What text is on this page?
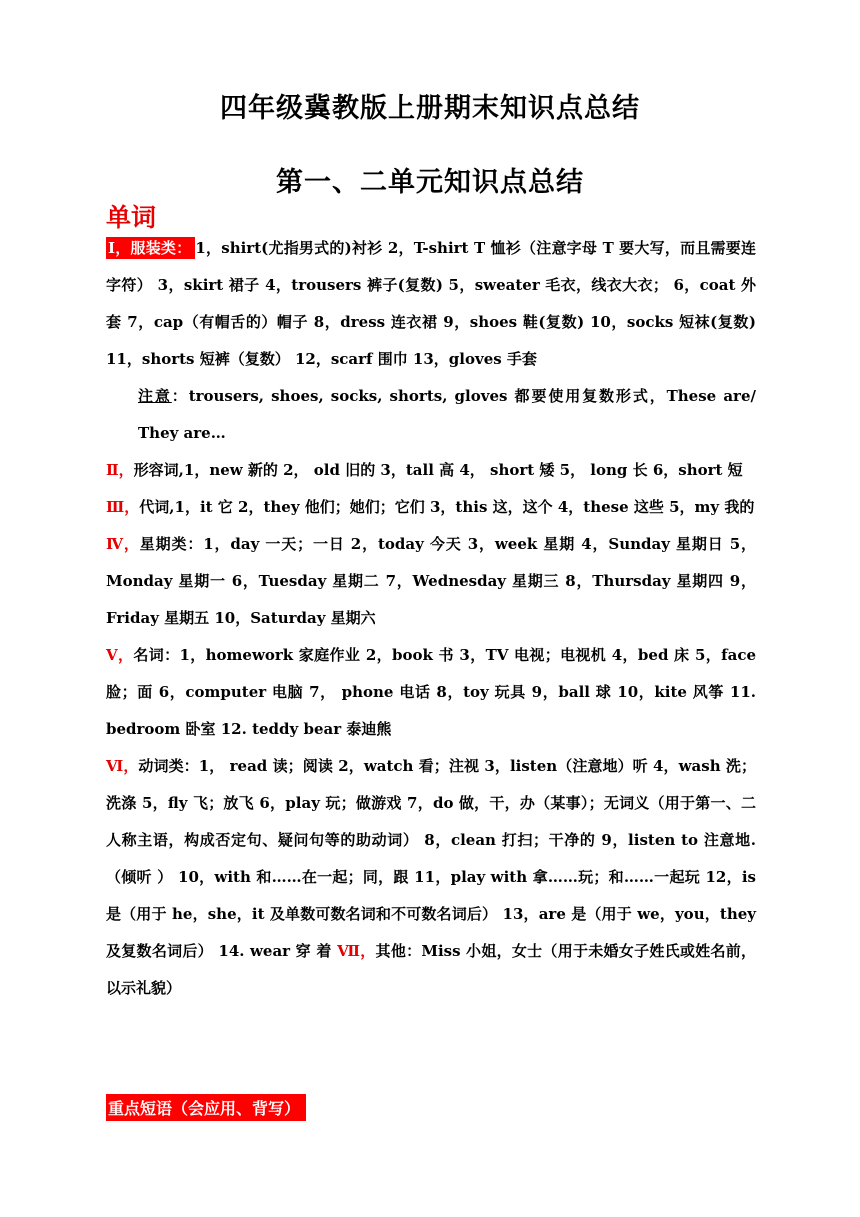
四年级冀教版上册期末知识点总结
第一、二单元知识点总结
单词

Ⅰ，服装类： 1，shirt(尤指男式的)衬衫 2，T-shirt T 恤衫（注意字母 T 要大写，而且需要连字符） 3，skirt 裙子 4，trousers 裤子(复数) 5，sweater 毛衣，线衣大衣； 6，coat 外套 7，cap（有帽舌的）帽子 8，dress 连衣裙 9，shoes 鞋(复数) 10，socks 短袜(复数) 11，shorts 短裤（复数） 12，scarf 围巾 13，gloves 手套

注意：trousers, shoes, socks, shorts, gloves 都要使用复数形式，These are/ They are…

Ⅱ，形容词,1，new 新的 2， old 旧的 3，tall 高 4， short 矮 5， long 长 6，short 短

Ⅲ，代词,1，it 它 2，they 他们；她们；它们 3，this 这，这个 4，these 这些 5，my 我的

Ⅳ，星期类：1，day 一天；一日 2，today 今天 3，week 星期 4，Sunday 星期日 5，Monday 星期一 6，Tuesday 星期二 7，Wednesday 星期三 8，Thursday 星期四 9，Friday 星期五 10，Saturday 星期六

Ⅴ，名词：1，homework 家庭作业 2，book 书 3，TV 电视；电视机 4，bed 床 5，face 脸；面 6，computer 电脑 7， phone 电话 8，toy 玩具 9，ball 球 10，kite 风筝 11. bedroom 卧室 12. teddy bear 泰迪熊

Ⅵ，动词类：1， read 读；阅读 2，watch 看；注视 3，listen（注意地）听 4，wash 洗；洗涤 5，fly 飞；放飞 6，play 玩；做游戏 7，do 做，干，办（某事）；无词义（用于第一、二人称主语，构成否定句、疑问句等的助动词） 8，clean 打扫；干净的 9，listen to 注意地.（倾听 ） 10，with 和……在一起；同，跟 11，play with 拿……玩；和……一起玩 12，is 是（用于 he，she，it 及单数可数名词和不可数名词后） 13，are 是（用于 we，you，they 及复数名词后） 14. wear 穿 着 Ⅶ，其他：Miss 小姐，女士（用于未婚女子姓氏或姓名前，以示礼貌）

重点短语（会应用、背写）
